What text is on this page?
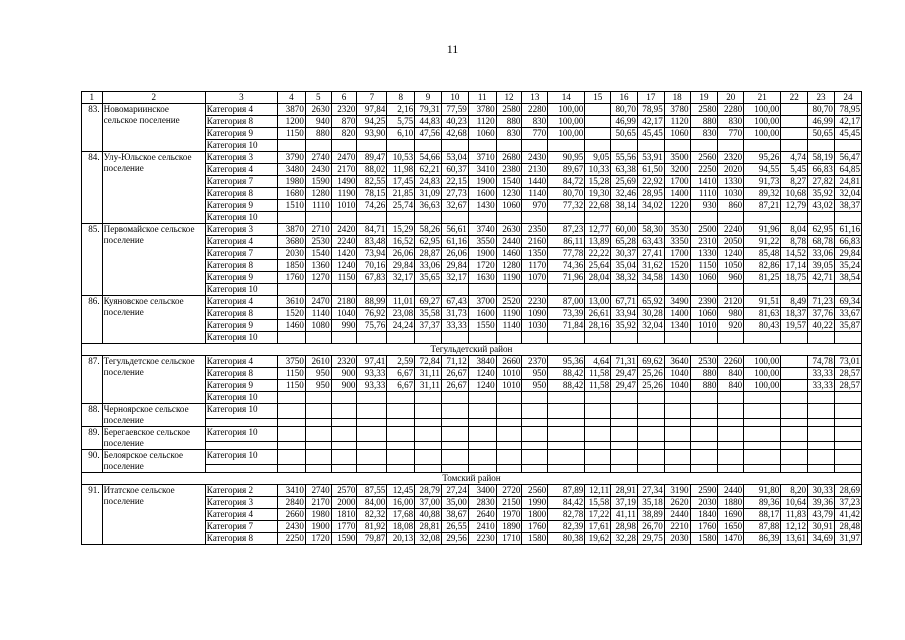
11
1	2	3	4	5	6	7	8	9	10	11	12	13	14	15	16	17	18	19	20	21	22	23	24
83.	Новомариинское сельское поселение	Категория 4	3870	2630	2320	97,84	2,16	79,31	77,59	3780	2580	2280	100,00		80,70	78,95	3780	2580	2280	100,00		80,70	78,95
		Категория 8	1200	940	870	94,25	5,75	44,83	40,23	1120	880	830	100,00		46,99	42,17	1120	880	830	100,00		46,99	42,17
		Категория 9	1150	880	820	93,90	6,10	47,56	42,68	1060	830	770	100,00		50,65	45,45	1060	830	770	100,00		50,65	45,45
		Категория 10																					
84.	Улу-Юльское сельское поселение	Категория 3	3790	2740	2470	89,47	10,53	54,66	53,04	3710	2680	2430	90,95	9,05	55,56	53,91	3500	2560	2320	95,26	4,74	58,19	56,47
		Категория 4	3480	2430	2170	88,02	11,98	62,21	60,37	3410	2380	2130	89,67	10,33	63,38	61,50	3200	2250	2020	94,55	5,45	66,83	64,85
		Категория 7	1980	1590	1490	82,55	17,45	24,83	22,15	1900	1540	1440	84,72	15,28	25,69	22,92	1700	1410	1330	91,73	8,27	27,82	24,81
		Категория 8	1680	1280	1190	78,15	21,85	31,09	27,73	1600	1230	1140	80,70	19,30	32,46	28,95	1400	1110	1030	89,32	10,68	35,92	32,04
		Категория 9	1510	1110	1010	74,26	25,74	36,63	32,67	1430	1060	970	77,32	22,68	38,14	34,02	1220	930	860	87,21	12,79	43,02	38,37
		Категория 10																					
85.	Первомайское сельское поселение	Категория 3	3870	2710	2420	84,71	15,29	58,26	56,61	3740	2630	2350	87,23	12,77	60,00	58,30	3530	2500	2240	91,96	8,04	62,95	61,16
		Категория 4	3680	2530	2240	83,48	16,52	62,95	61,16	3550	2440	2160	86,11	13,89	65,28	63,43	3350	2310	2050	91,22	8,78	68,78	66,83
		Категория 7	2030	1540	1420	73,94	26,06	28,87	26,06	1900	1460	1350	77,78	22,22	30,37	27,41	1700	1330	1240	85,48	14,52	33,06	29,84
		Категория 8	1850	1360	1240	70,16	29,84	33,06	29,84	1720	1280	1170	74,36	25,64	35,04	31,62	1520	1150	1050	82,86	17,14	39,05	35,24
		Категория 9	1760	1270	1150	67,83	32,17	35,65	32,17	1630	1190	1070	71,96	28,04	38,32	34,58	1430	1060	960	81,25	18,75	42,71	38,54
		Категория 10																					
86.	Куяновское сельское поселение	Категория 4	3610	2470	2180	88,99	11,01	69,27	67,43	3700	2520	2230	87,00	13,00	67,71	65,92	3490	2390	2120	91,51	8,49	71,23	69,34
		Категория 8	1520	1140	1040	76,92	23,08	35,58	31,73	1600	1190	1090	73,39	26,61	33,94	30,28	1400	1060	980	81,63	18,37	37,76	33,67
		Категория 9	1460	1080	990	75,76	24,24	37,37	33,33	1550	1140	1030	71,84	28,16	35,92	32,04	1340	1010	920	80,43	19,57	40,22	35,87
		Категория 10																					
Тегульдетский район																							
87.	Тегульдетское сельское поселение	Категория 4	3750	2610	2320	97,41	2,59	72,84	71,12	3840	2660	2370	95,36	4,64	71,31	69,62	3640	2530	2260	100,00		74,78	73,01
		Категория 8	1150	950	900	93,33	6,67	31,11	26,67	1240	1010	950	88,42	11,58	29,47	25,26	1040	880	840	100,00		33,33	28,57
		Категория 9	1150	950	900	93,33	6,67	31,11	26,67	1240	1010	950	88,42	11,58	29,47	25,26	1040	880	840	100,00		33,33	28,57
		Категория 10																					
88.	Черноярское сельское поселение	Категория 10																					

89.	Берегаевское сельское поселение	Категория 10																					

90.	Белоярское сельское поселение	Категория 10																					

Томский район																							
91.	Итатское сельское поселение	Категория 2	3410	2740	2570	87,55	12,45	28,79	27,24	3400	2720	2560	87,89	12,11	28,91	27,34	3190	2590	2440	91,80	8,20	30,33	28,69
		Категория 3	2840	2170	2000	84,00	16,00	37,00	35,00	2830	2150	1990	84,42	15,58	37,19	35,18	2620	2030	1880	89,36	10,64	39,36	37,23
		Категория 4	2660	1980	1810	82,32	17,68	40,88	38,67	2640	1970	1800	82,78	17,22	41,11	38,89	2440	1840	1690	88,17	11,83	43,79	41,42
		Категория 7	2430	1900	1770	81,92	18,08	28,81	26,55	2410	1890	1760	82,39	17,61	28,98	26,70	2210	1760	1650	87,88	12,12	30,91	28,48
		Категория 8	2250	1720	1590	79,87	20,13	32,08	29,56	2230	1710	1580	80,38	19,62	32,28	29,75	2030	1580	1470	86,39	13,61	34,69	31,97
